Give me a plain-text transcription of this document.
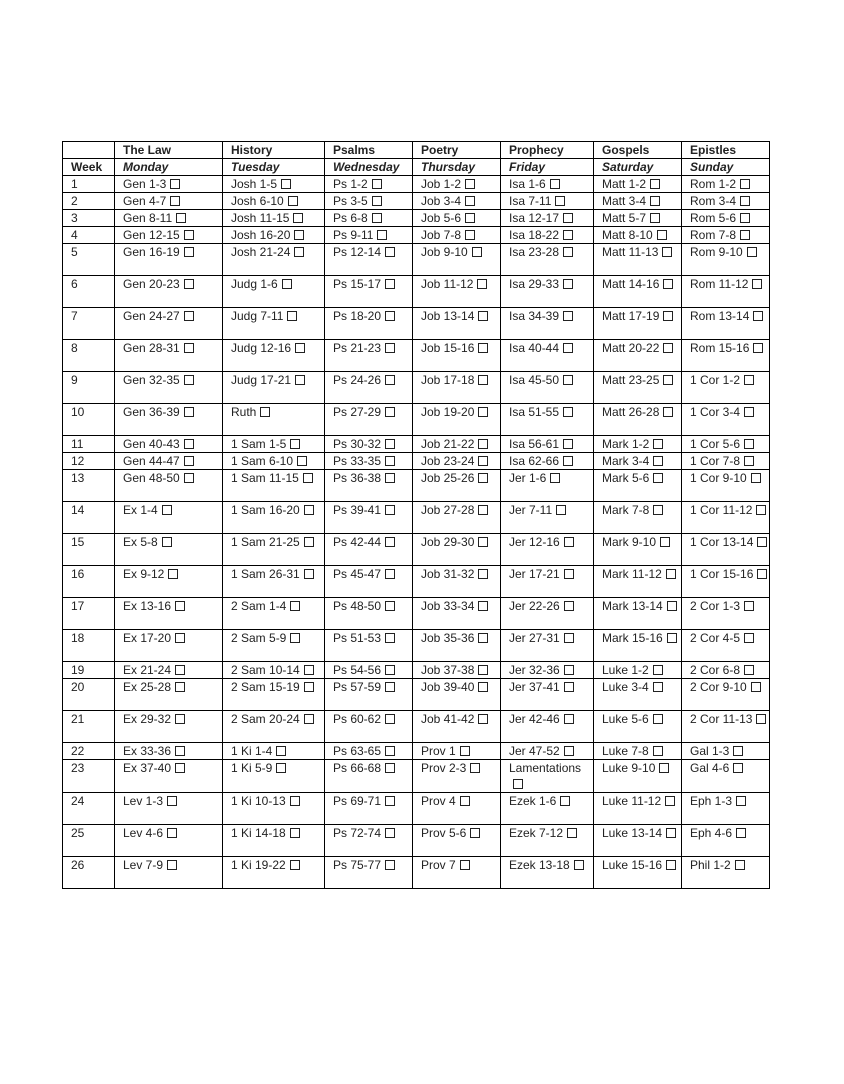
	The Law	History	Psalms	Poetry	Prophecy	Gospels	Epistles
Week	Monday	Tuesday	Wednesday	Thursday	Friday	Saturday	Sunday
1	Gen 1-3	Josh 1-5	Ps 1-2	Job 1-2	Isa 1-6	Matt 1-2	Rom 1-2
2	Gen 4-7	Josh 6-10	Ps 3-5	Job 3-4	Isa 7-11	Matt 3-4	Rom 3-4
3	Gen 8-11	Josh 11-15	Ps 6-8	Job 5-6	Isa 12-17	Matt 5-7	Rom 5-6
4	Gen 12-15	Josh 16-20	Ps 9-11	Job 7-8	Isa 18-22	Matt 8-10	Rom 7-8
5	Gen 16-19	Josh 21-24	Ps 12-14	Job 9-10	Isa 23-28	Matt 11-13	Rom 9-10
6	Gen 20-23	Judg 1-6	Ps 15-17	Job 11-12	Isa 29-33	Matt 14-16	Rom 11-12
7	Gen 24-27	Judg 7-11	Ps 18-20	Job 13-14	Isa 34-39	Matt 17-19	Rom 13-14
8	Gen 28-31	Judg 12-16	Ps 21-23	Job 15-16	Isa 40-44	Matt 20-22	Rom 15-16
9	Gen 32-35	Judg 17-21	Ps 24-26	Job 17-18	Isa 45-50	Matt 23-25	1 Cor 1-2
10	Gen 36-39	Ruth	Ps 27-29	Job 19-20	Isa 51-55	Matt 26-28	1 Cor 3-4
11	Gen 40-43	1 Sam 1-5	Ps 30-32	Job 21-22	Isa 56-61	Mark 1-2	1 Cor 5-6
12	Gen 44-47	1 Sam 6-10	Ps 33-35	Job 23-24	Isa 62-66	Mark 3-4	1 Cor 7-8
13	Gen 48-50	1 Sam 11-15	Ps 36-38	Job 25-26	Jer 1-6	Mark 5-6	1 Cor 9-10
14	Ex 1-4	1 Sam 16-20	Ps 39-41	Job 27-28	Jer 7-11	Mark 7-8	1 Cor 11-12
15	Ex 5-8	1 Sam 21-25	Ps 42-44	Job 29-30	Jer 12-16	Mark 9-10	1 Cor 13-14
16	Ex 9-12	1 Sam 26-31	Ps 45-47	Job 31-32	Jer 17-21	Mark 11-12	1 Cor 15-16
17	Ex 13-16	2 Sam 1-4	Ps 48-50	Job 33-34	Jer 22-26	Mark 13-14	2 Cor 1-3
18	Ex 17-20	2 Sam 5-9	Ps 51-53	Job 35-36	Jer 27-31	Mark 15-16	2 Cor 4-5
19	Ex 21-24	2 Sam 10-14	Ps 54-56	Job 37-38	Jer 32-36	Luke 1-2	2 Cor 6-8
20	Ex 25-28	2 Sam 15-19	Ps 57-59	Job 39-40	Jer 37-41	Luke 3-4	2 Cor 9-10
21	Ex 29-32	2 Sam 20-24	Ps 60-62	Job 41-42	Jer 42-46	Luke 5-6	2 Cor 11-13
22	Ex 33-36	1 Ki 1-4	Ps 63-65	Prov 1	Jer 47-52	Luke 7-8	Gal 1-3
23	Ex 37-40	1 Ki 5-9	Ps 66-68	Prov 2-3	Lamentations	Luke 9-10	Gal 4-6
24	Lev 1-3	1 Ki 10-13	Ps 69-71	Prov 4	Ezek 1-6	Luke 11-12	Eph 1-3
25	Lev 4-6	1 Ki 14-18	Ps 72-74	Prov 5-6	Ezek 7-12	Luke 13-14	Eph 4-6
26	Lev 7-9	1 Ki 19-22	Ps 75-77	Prov 7	Ezek 13-18	Luke 15-16	Phil 1-2
